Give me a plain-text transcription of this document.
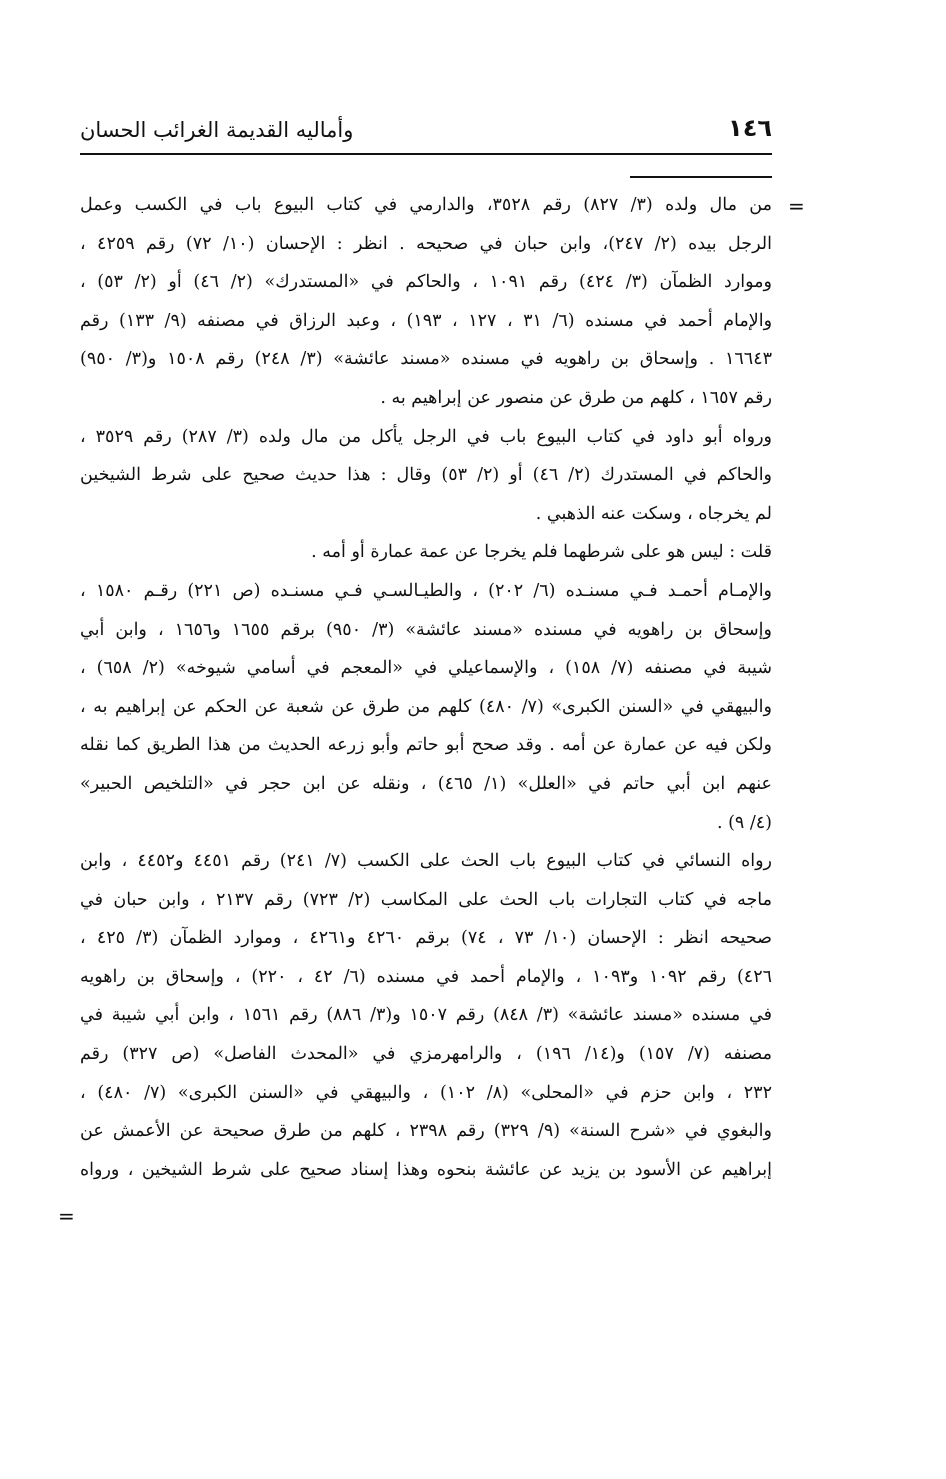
١٤٦
وأماليه القديمة الغرائب الحسان
=
=
من مال ولده (٣/ ٨٢٧) رقم ٣٥٢٨، والدارمي في كتاب البيوع باب في الكسب وعمل
الرجل بيده (٢/ ٢٤٧)، وابن حبان في صحيحه . انظر : الإحسان (١٠/ ٧٢) رقم ٤٢٥٩ ،
وموارد الظمآن (٣/ ٤٢٤) رقم ١٠٩١ ، والحاكم في «المستدرك» (٢/ ٤٦) أو (٢/ ٥٣) ،
والإمام أحمد في مسنده (٦/ ٣١ ، ١٢٧ ، ١٩٣) ، وعبد الرزاق في مصنفه (٩/ ١٣٣) رقم
١٦٦٤٣ . وإسحاق بن راهويه في مسنده «مسند عائشة» (٣/ ٢٤٨) رقم ١٥٠٨ و(٣/ ٩٥٠)
رقم ١٦٥٧ ، كلهم من طرق عن منصور عن إبراهيم به .
ورواه أبو داود في كتاب البيوع باب في الرجل يأكل من مال ولده (٣/ ٢٨٧) رقم ٣٥٢٩ ،
والحاكم في المستدرك (٢/ ٤٦) أو (٢/ ٥٣) وقال : هذا حديث صحيح على شرط الشيخين
لم يخرجاه ، وسكت عنه الذهبي .
قلت : ليس هو على شرطهما فلم يخرجا عن عمة عمارة أو أمه .
والإمـام أحمـد فـي مسنـده (٦/ ٢٠٢) ، والطيـالسـي فـي مسنـده (ص ٢٢١) رقـم ١٥٨٠ ،
وإسحاق بن راهويه في مسنده «مسند عائشة» (٣/ ٩٥٠) برقم ١٦٥٥ و١٦٥٦ ، وابن أبي
شيبة في مصنفه (٧/ ١٥٨) ، والإسماعيلي في «المعجم في أسامي شيوخه» (٢/ ٦٥٨) ،
والبيهقي في «السنن الكبرى» (٧/ ٤٨٠) كلهم من طرق عن شعبة عن الحكم عن إبراهيم به ،
ولكن فيه عن عمارة عن أمه . وقد صحح أبو حاتم وأبو زرعه الحديث من هذا الطريق كما نقله
عنهم ابن أبي حاتم في «العلل» (١/ ٤٦٥) ، ونقله عن ابن حجر في «التلخيص الحبير»
(٤/ ٩) .
رواه النسائي في كتاب البيوع باب الحث على الكسب (٧/ ٢٤١) رقم ٤٤٥١ و٤٤٥٢ ، وابن
ماجه في كتاب التجارات باب الحث على المكاسب (٢/ ٧٢٣) رقم ٢١٣٧ ، وابن حبان في
صحيحه انظر : الإحسان (١٠/ ٧٣ ، ٧٤) برقم ٤٢٦٠ و٤٢٦١ ، وموارد الظمآن (٣/ ٤٢٥ ،
٤٢٦) رقم ١٠٩٢ و١٠٩٣ ، والإمام أحمد في مسنده (٦/ ٤٢ ، ٢٢٠) ، وإسحاق بن راهويه
في مسنده «مسند عائشة» (٣/ ٨٤٨) رقم ١٥٠٧ و(٣/ ٨٨٦) رقم ١٥٦١ ، وابن أبي شيبة في
مصنفه (٧/ ١٥٧) و(١٤/ ١٩٦) ، والرامهرمزي في «المحدث الفاصل» (ص ٣٢٧) رقم
٢٣٢ ، وابن حزم في «المحلى» (٨/ ١٠٢) ، والبيهقي في «السنن الكبرى» (٧/ ٤٨٠) ،
والبغوي في «شرح السنة» (٩/ ٣٢٩) رقم ٢٣٩٨ ، كلهم من طرق صحيحة عن الأعمش عن
إبراهيم عن الأسود بن يزيد عن عائشة بنحوه وهذا إسناد صحيح على شرط الشيخين ، ورواه
